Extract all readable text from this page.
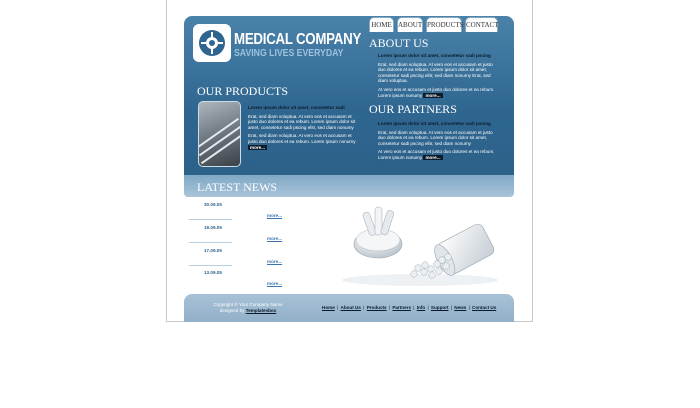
MEDICAL COMPANY
SAVING LIVES EVERYDAY
HOME ABOUT PRODUCTS CONTACT
ABOUT US

Lorem ipsum dolor sit amet, consetetur sadi pscing

Erat, sed diam voluptua. At vero eos et accusam et justo duo dolores et ea rebum. Lorem ipsum dolor sit amet, consetetur sadi pscing elitr, sed diam nonumy Erat, sed diam voluptua.

At vero eos et accusam et justo duo dolores et ea rebum. Lorem ipsum nonumy more...

OUR PRODUCTS

Lorem ipsum dolor sit amet, consetetur sadi

Erat, sed diam voluptua. At vero eos et accusam et justo duo dolores et ea rebum. Lorem ipsum dolor sit amet, consetetur sadi pscing elitr, sed diam nonumy

Erat, sed diam voluptua. At vero eos et accusam et justo duo dolores et ea rebum. Lorem ipsum nonumy more...

OUR PARTNERS

Lorem ipsum dolor sit amet, consetetur sadi pscing

Erat, sed diam voluptua. At vero eos et accusam et justo duo dolores et ea rebum. Lorem ipsum dolor sit amet, consetetur sadi pscing elitr, sed diam nonumy

At vero eos et accusam et justo duo dolores et ea rebum. Lorem ipsum nonumy more...

LATEST NEWS
30.09.05
more...
19.09.05
more...
17.09.05
more...
13.09.05
more...
Copyright © Your Company Name
designed by Templatesbox
Home | About Us | Products | Partners | Info | Support | News | Contact Us
